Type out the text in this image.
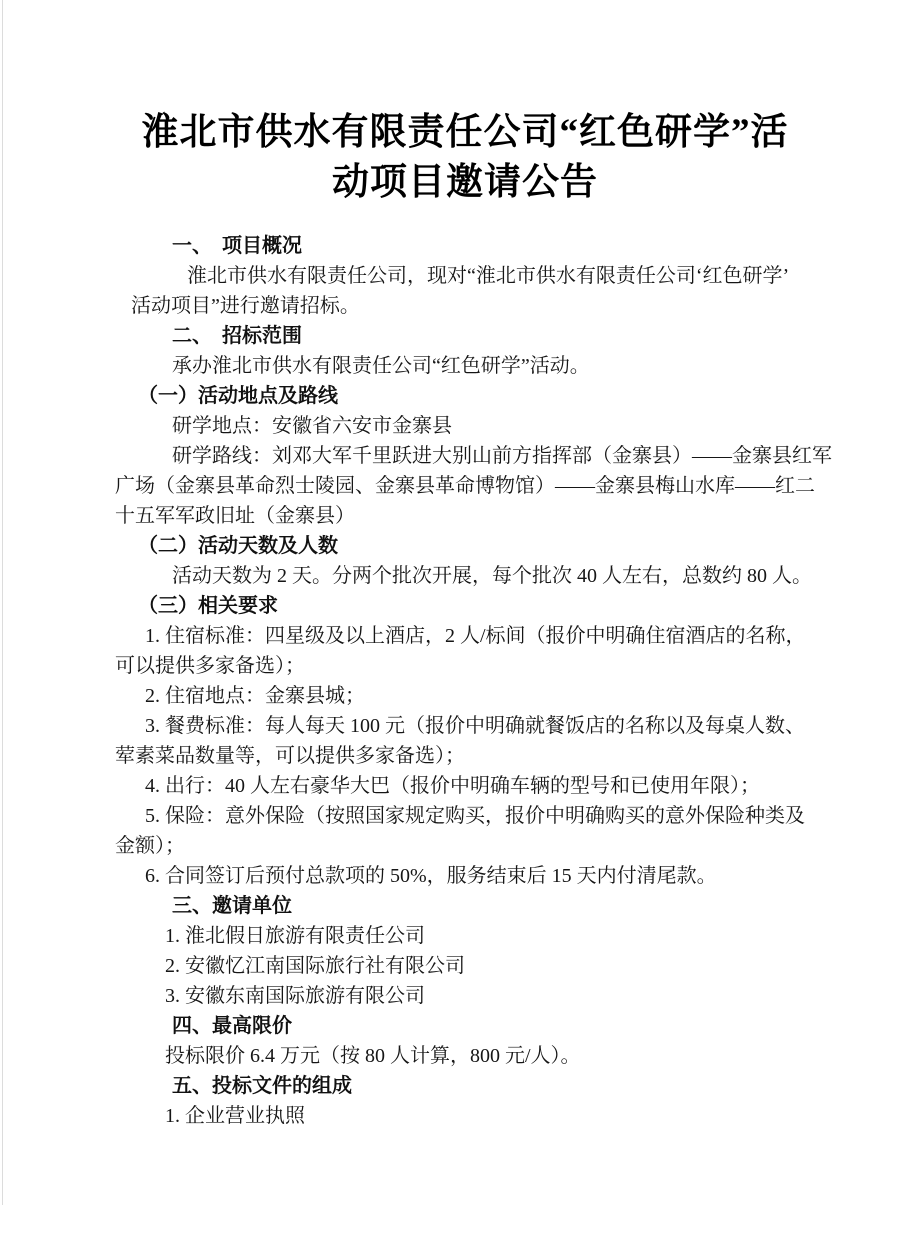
淮北市供水有限责任公司“红色研学”活
动项目邀请公告
一、　项目概况
淮北市供水有限责任公司，现对“淮北市供水有限责任公司‘红色研学’
活动项目”进行邀请招标。
二、　招标范围
承办淮北市供水有限责任公司“红色研学”活动。
（一）活动地点及路线
研学地点：安徽省六安市金寨县
研学路线：刘邓大军千里跃进大别山前方指挥部（金寨县）——金寨县红军
广场（金寨县革命烈士陵园、金寨县革命博物馆）——金寨县梅山水库——红二
十五军军政旧址（金寨县）
（二）活动天数及人数
活动天数为 2 天。分两个批次开展，每个批次 40 人左右，总数约 80 人。
（三）相关要求
1. 住宿标准：四星级及以上酒店，2 人/标间（报价中明确住宿酒店的名称，
可以提供多家备选）；
2. 住宿地点：金寨县城；
3. 餐费标准：每人每天 100 元（报价中明确就餐饭店的名称以及每桌人数、
荤素菜品数量等，可以提供多家备选）；
4. 出行：40 人左右豪华大巴（报价中明确车辆的型号和已使用年限）；
5. 保险：意外保险（按照国家规定购买，报价中明确购买的意外保险种类及
金额）；
6. 合同签订后预付总款项的 50%，服务结束后 15 天内付清尾款。
三、邀请单位
1. 淮北假日旅游有限责任公司
2. 安徽忆江南国际旅行社有限公司
3. 安徽东南国际旅游有限公司
四、最高限价
投标限价 6.4 万元（按 80 人计算，800 元/人）。
五、投标文件的组成
1. 企业营业执照
